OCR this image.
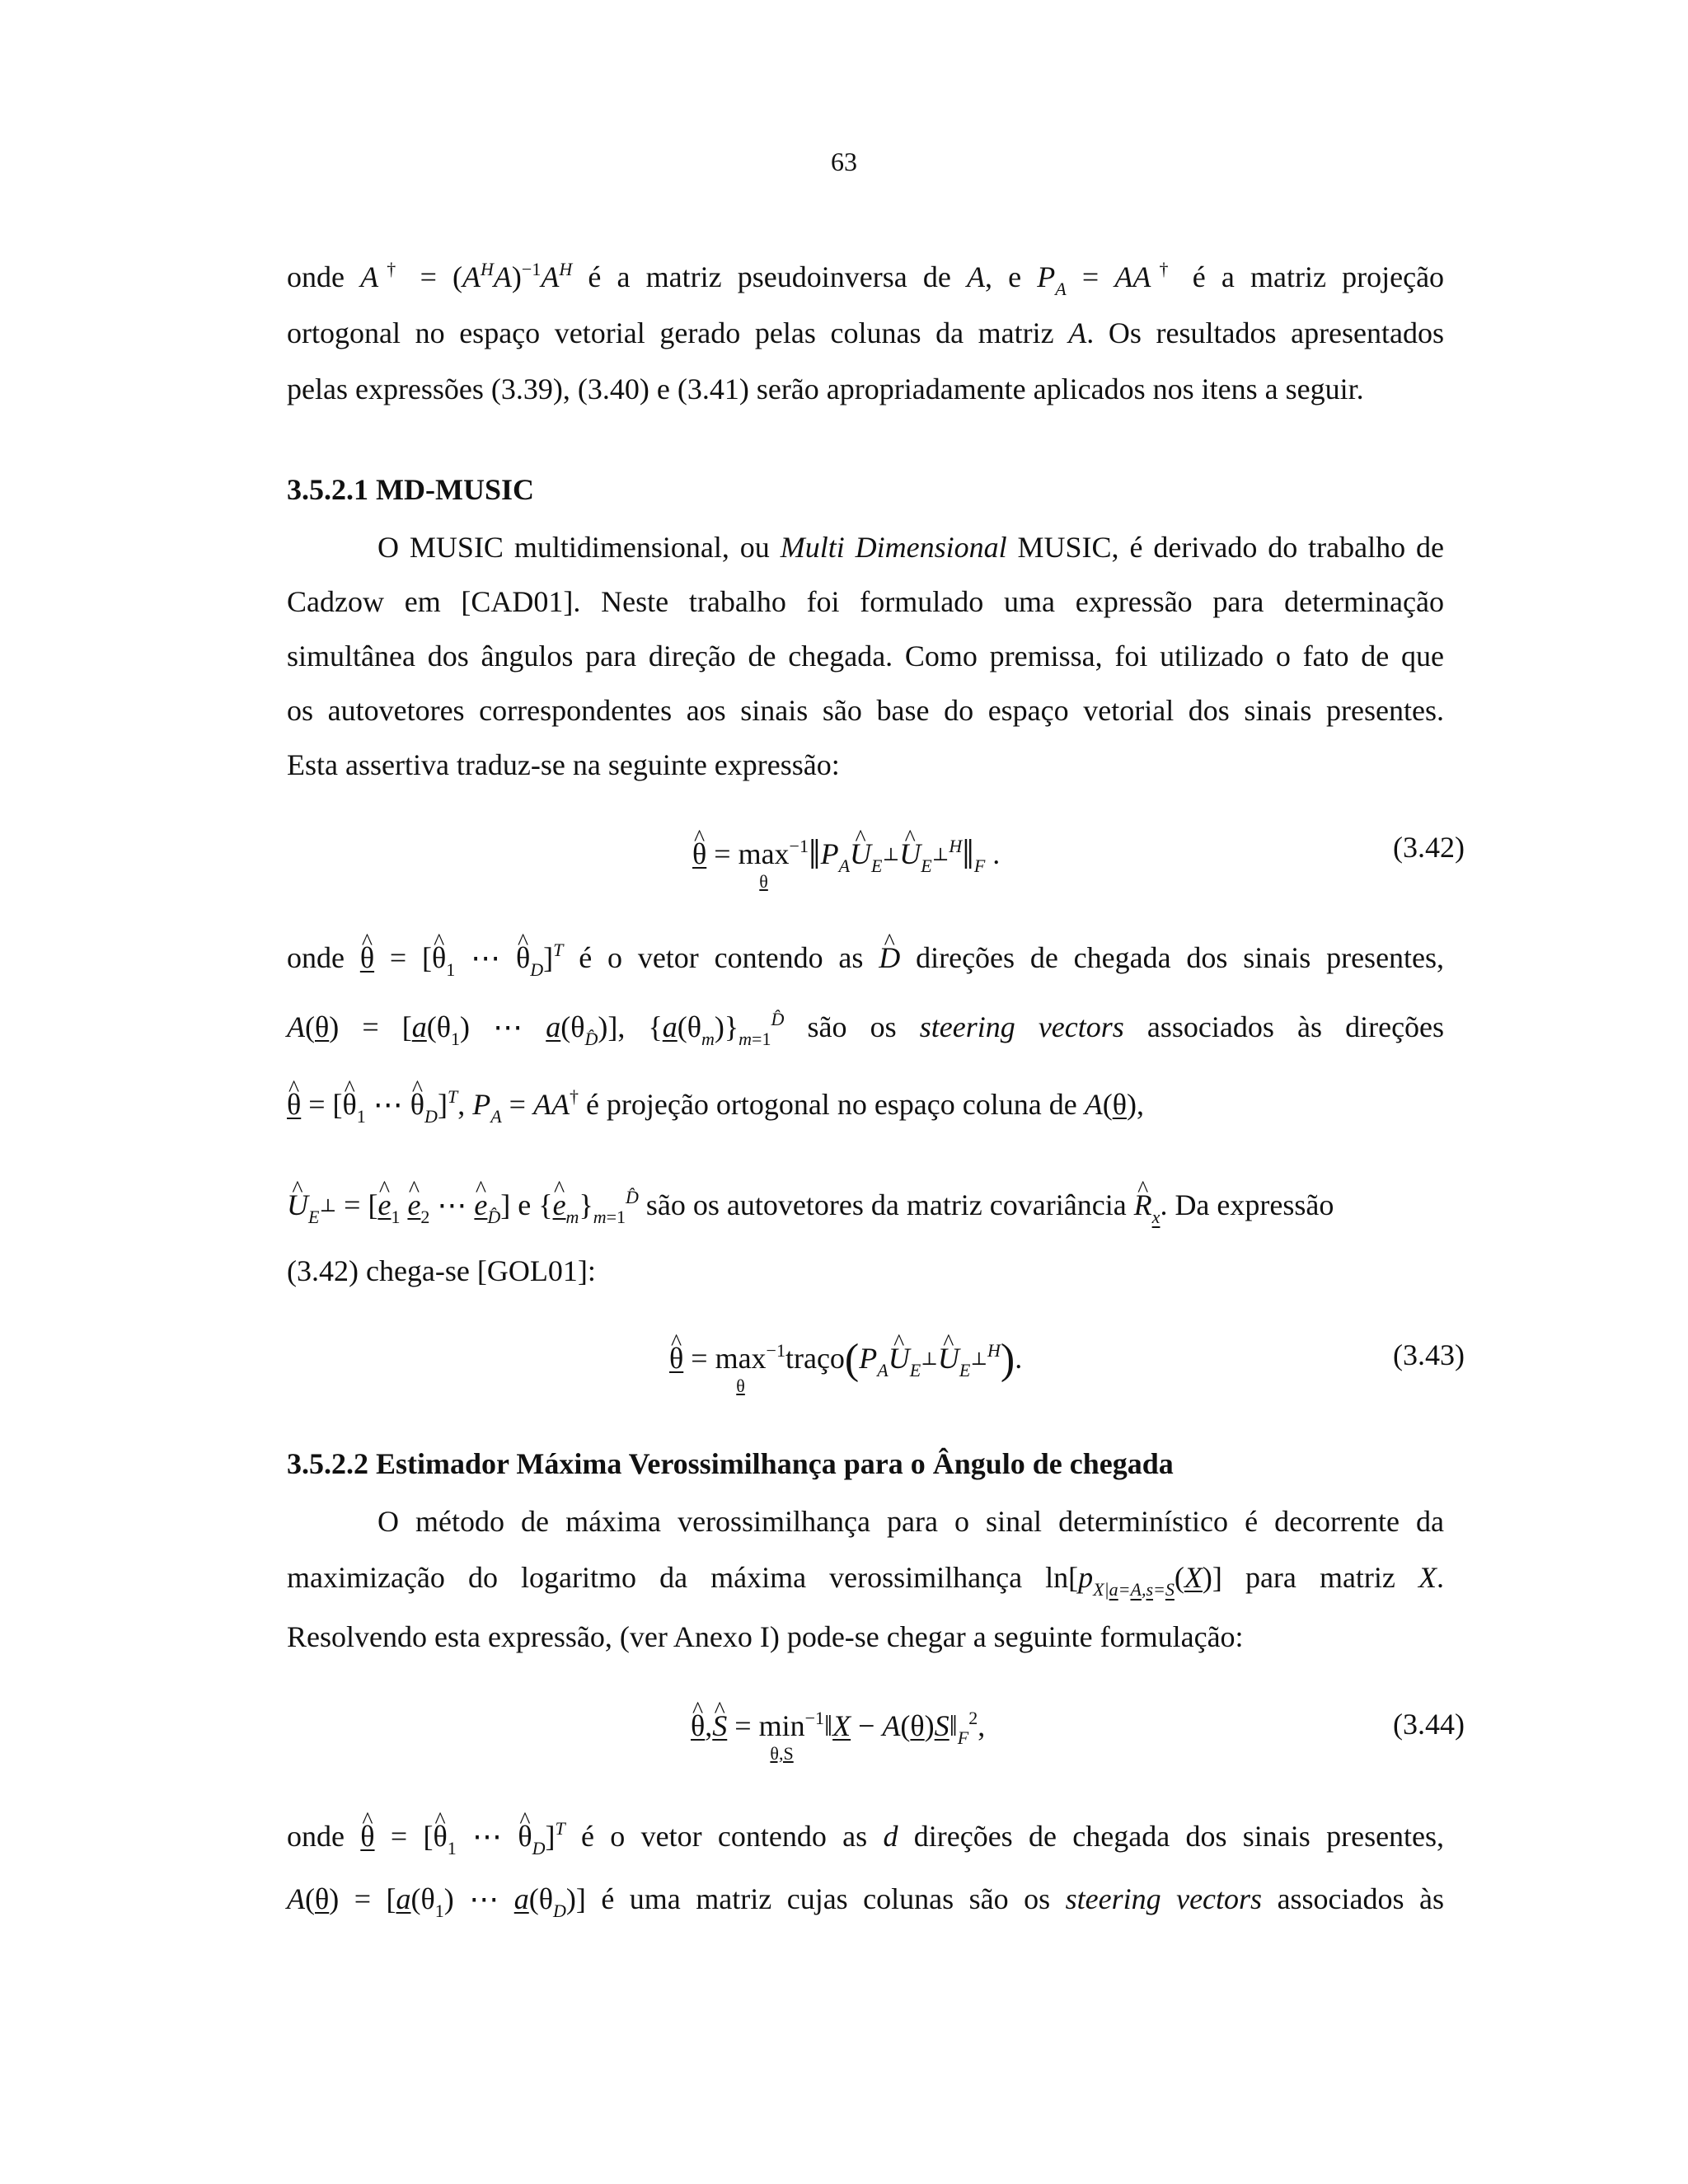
63
onde $A^\dagger = (A^HA)^{-1}A^H$ é a matriz pseudoinversa de A, e $P_A = AA^\dagger$ é a matriz projeção
ortogonal no espaço vetorial gerado pelas colunas da matriz A. Os resultados apresentados
pelas expressões (3.39), (3.40) e (3.41) serão apropriadamente aplicados nos itens a seguir.
3.5.2.1 MD-MUSIC
O MUSIC multidimensional, ou Multi Dimensional MUSIC, é derivado do trabalho de
Cadzow em [CAD01]. Neste trabalho foi formulado uma expressão para determinação
simultânea dos ângulos para direção de chegada. Como premissa, foi utilizado o fato de que
os autovetores correspondentes aos sinais são base do espaço vetorial dos sinais presentes.
Esta assertiva traduz-se na seguinte expressão:
^ θ = max
θ
$^{-1}‖P_A\^{}$ $U_{E^\perp}\^{}$ $U_{E^\perp}^H‖_F$ .	(3.42)
onde ^ θ = [^ $\theta_1$ ⋯ ^ $\theta_D]^T$ é o vetor contendo as ^ D direções de chegada dos sinais presentes,
$A(\theta) = [a(\theta_1)$ ⋯ $a(\theta_{D̂})$], $\{a(\theta_m)\}_{m=1}^{D̂}$ são os steering vectors associados às direções
^ θ = [^ $\theta_1$ ⋯ ^ $\theta_D]^T$, $P_A = AA^\dagger$ é projeção ortogonal no espaço coluna de A(θ),
^ $U_{E^\perp}$ = [^ $e_1$ ^ $e_2$ ⋯ ^ $e_{D̂}$] e {^ $e_m\}_{m=1}^{D̂}$ são os autovetores da matriz covariância ^ $R_x$. Da expressão
(3.42) chega-se [GOL01]:
^ θ = max
θ
$^{-1}traço(P_A\^{}$ $U_{E^\perp}\^{}$ $U_{E^\perp}^H$).	(3.43)
3.5.2.2 Estimador Máxima Verossimilhança para o Ângulo de chegada
O método de máxima verossimilhança para o sinal determinístico é decorrente da
maximização do logaritmo da máxima verossimilhança $\ln[p_{X|a=A,s=S}(X)]$ para matriz X.
Resolvendo esta expressão, (ver Anexo I) pode-se chegar a seguinte formulação:
^ θ,^ S = min
θ,S
$^{-1}$‖X − $A(\theta)S‖_F^2$,	(3.44)
onde ^ θ = [^ $\theta_1$ ⋯ ^ $\theta_D]^T$ é o vetor contendo as d direções de chegada dos sinais presentes,
$A(\theta) = [a(\theta_1)$ ⋯ $a(\theta_D)$] é uma matriz cujas colunas são os steering vectors associados às
